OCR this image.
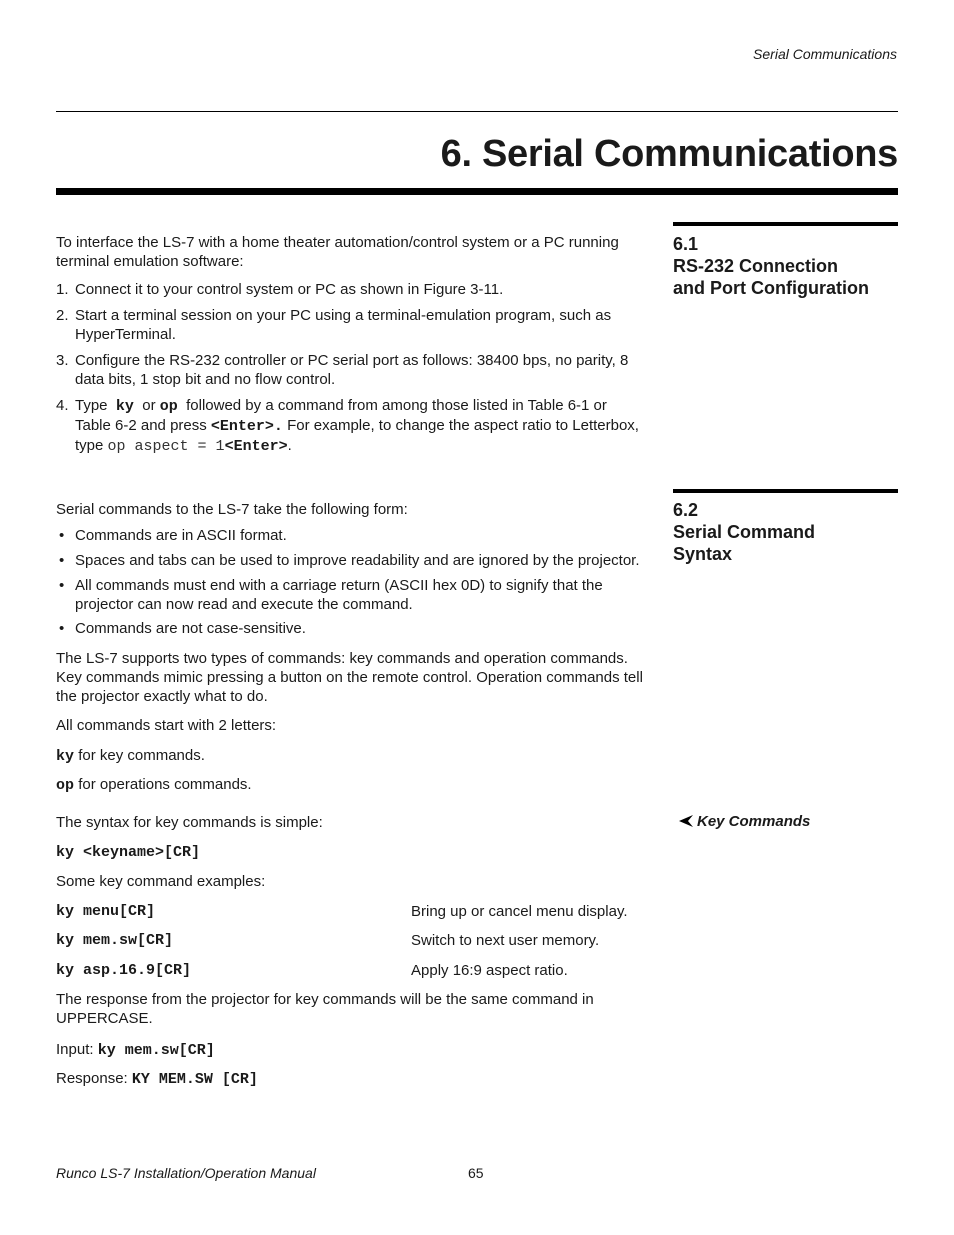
Serial Communications
6. Serial Communications
6.1
RS-232 Connection
and Port Configuration
To interface the LS-7 with a home theater automation/control system or a PC running terminal emulation software:
1. Connect it to your control system or PC as shown in Figure 3-11.
2. Start a terminal session on your PC using a terminal-emulation program, such as
HyperTerminal.
3. Configure the RS-232 controller or PC serial port as follows: 38400 bps, no parity, 8
data bits, 1 stop bit and no flow control.
4. Type ky or op followed by a command from among those listed in Table 6-1 or
Table 6-2 and press <Enter>. For example, to change the aspect ratio to Letterbox,
type op aspect = 1<Enter>.
6.2
Serial Command
Syntax
Serial commands to the LS-7 take the following form:
• Commands are in ASCII format.
• Spaces and tabs can be used to improve readability and are ignored by the projector.
• All commands must end with a carriage return (ASCII hex 0D) to signify that the
projector can now read and execute the command.
• Commands are not case-sensitive.
The LS-7 supports two types of commands: key commands and operation commands.
Key commands mimic pressing a button on the remote control. Operation commands tell
the projector exactly what to do.
All commands start with 2 letters:
ky for key commands.
op for operations commands.
Key Commands
The syntax for key commands is simple:
ky <keyname>[CR]
Some key command examples:
ky menu[CR]	Bring up or cancel menu display.
ky mem.sw[CR]	Switch to next user memory.
ky asp.16.9[CR]	Apply 16:9 aspect ratio.
The response from the projector for key commands will be the same command in
UPPERCASE.
Input: ky mem.sw[CR]
Response: KY MEM.SW [CR]
Runco LS-7 Installation/Operation Manual	65
